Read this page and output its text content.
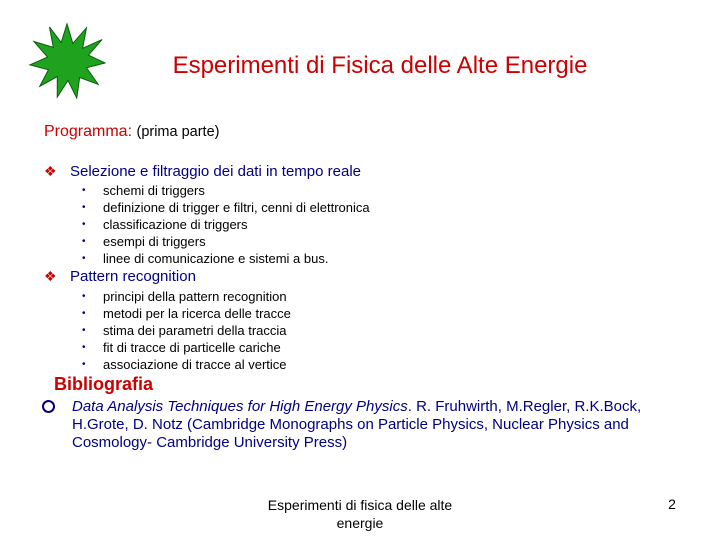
Esperimenti di Fisica delle Alte Energie
Programma: (prima parte)
❖ Selezione e filtraggio dei dati in tempo reale
• schemi di triggers
• definizione di trigger e filtri, cenni di elettronica
• classificazione di triggers
• esempi di triggers
• linee di comunicazione e sistemi a bus.
❖ Pattern recognition
• principi della pattern recognition
• metodi per la ricerca delle tracce
• stima dei parametri della traccia
• fit di tracce di particelle cariche
• associazione di tracce al vertice
Bibliografia
Data Analysis Techniques for High Energy Physics. R. Fruhwirth, M.Regler, R.K.Bock, H.Grote, D. Notz (Cambridge Monographs on Particle Physics, Nuclear Physics and Cosmology- Cambridge University Press)
Esperimenti di fisica delle alte
energie
2
